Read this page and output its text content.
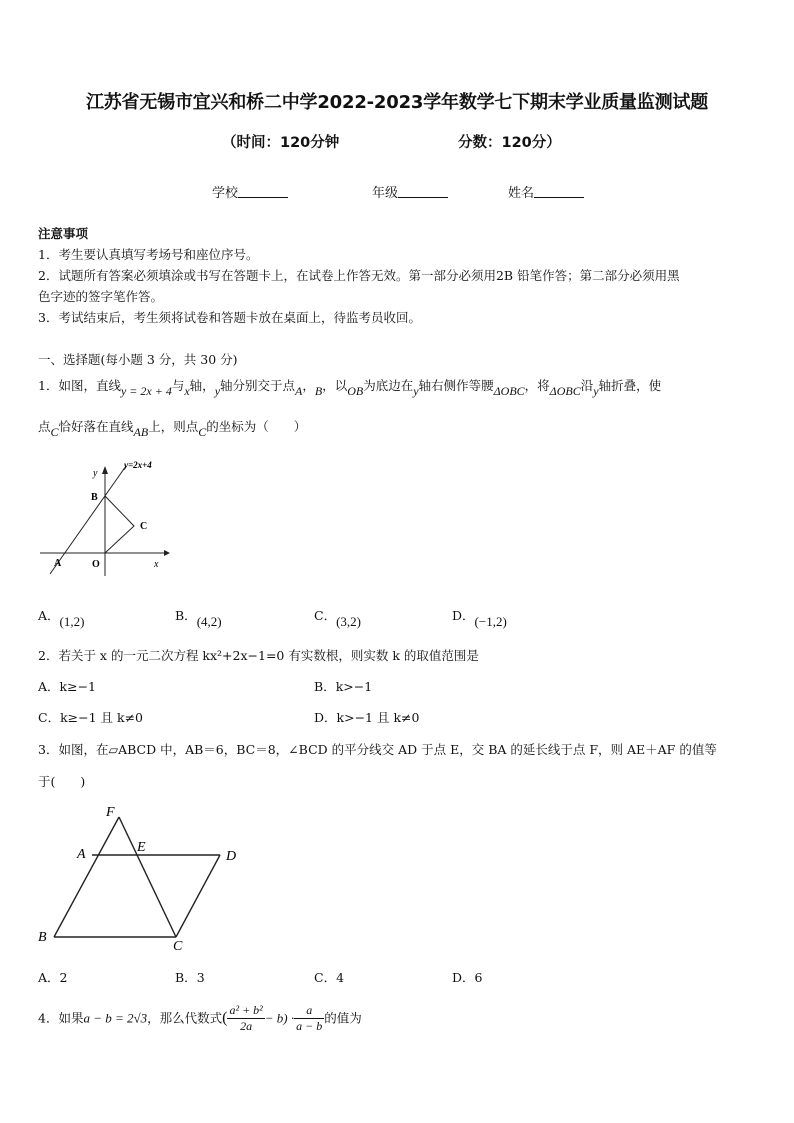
江苏省无锡市宜兴和桥二中学2022-2023学年数学七下期末学业质量监测试题
（时间：120分钟	分数：120分）
学校	年级	姓名
注意事项
1．考生要认真填写考场号和座位序号。
2．试题所有答案必须填涂或书写在答题卡上，在试卷上作答无效。第一部分必须用2B 铅笔作答；第二部分必须用黑
色字迹的签字笔作答。
3．考试结束后，考生须将试卷和答题卡放在桌面上，待监考员收回。
一、选择题(每小题 3 分，共 30 分)
1．如图，直线y = 2x + 4与x轴，y轴分别交于点A，B，以OB为底边在y轴右侧作等腰ΔOBC，将ΔOBC沿y轴折叠，使
点C恰好落在直线AB上，则点C的坐标为（　　）
y=2x+4
y
B
C
A	O	x
A．(1,2)	B．(4,2)	C．(3,2)	D．(−1,2)
2．若关于 x 的一元二次方程 kx²+2x−1=0 有实数根，则实数 k 的取值范围是
A．k≥−1	B．k>−1
C．k≥−1 且 k≠0	D．k>−1 且 k≠0
3．如图，在▱ABCD 中，AB＝6，BC＝8，∠BCD 的平分线交 AD 于点 E，交 BA 的延长线于点 F，则 AE＋AF 的值等
于(　　)
F
A	E
D
B
C
A．2	B．3	C．4	D．6
4．如果a − b = 2√3，那么代数式( $\frac{\text{a² + b²}}{2a} - b) \cdot \frac{a}{a - b}$ 的值为
